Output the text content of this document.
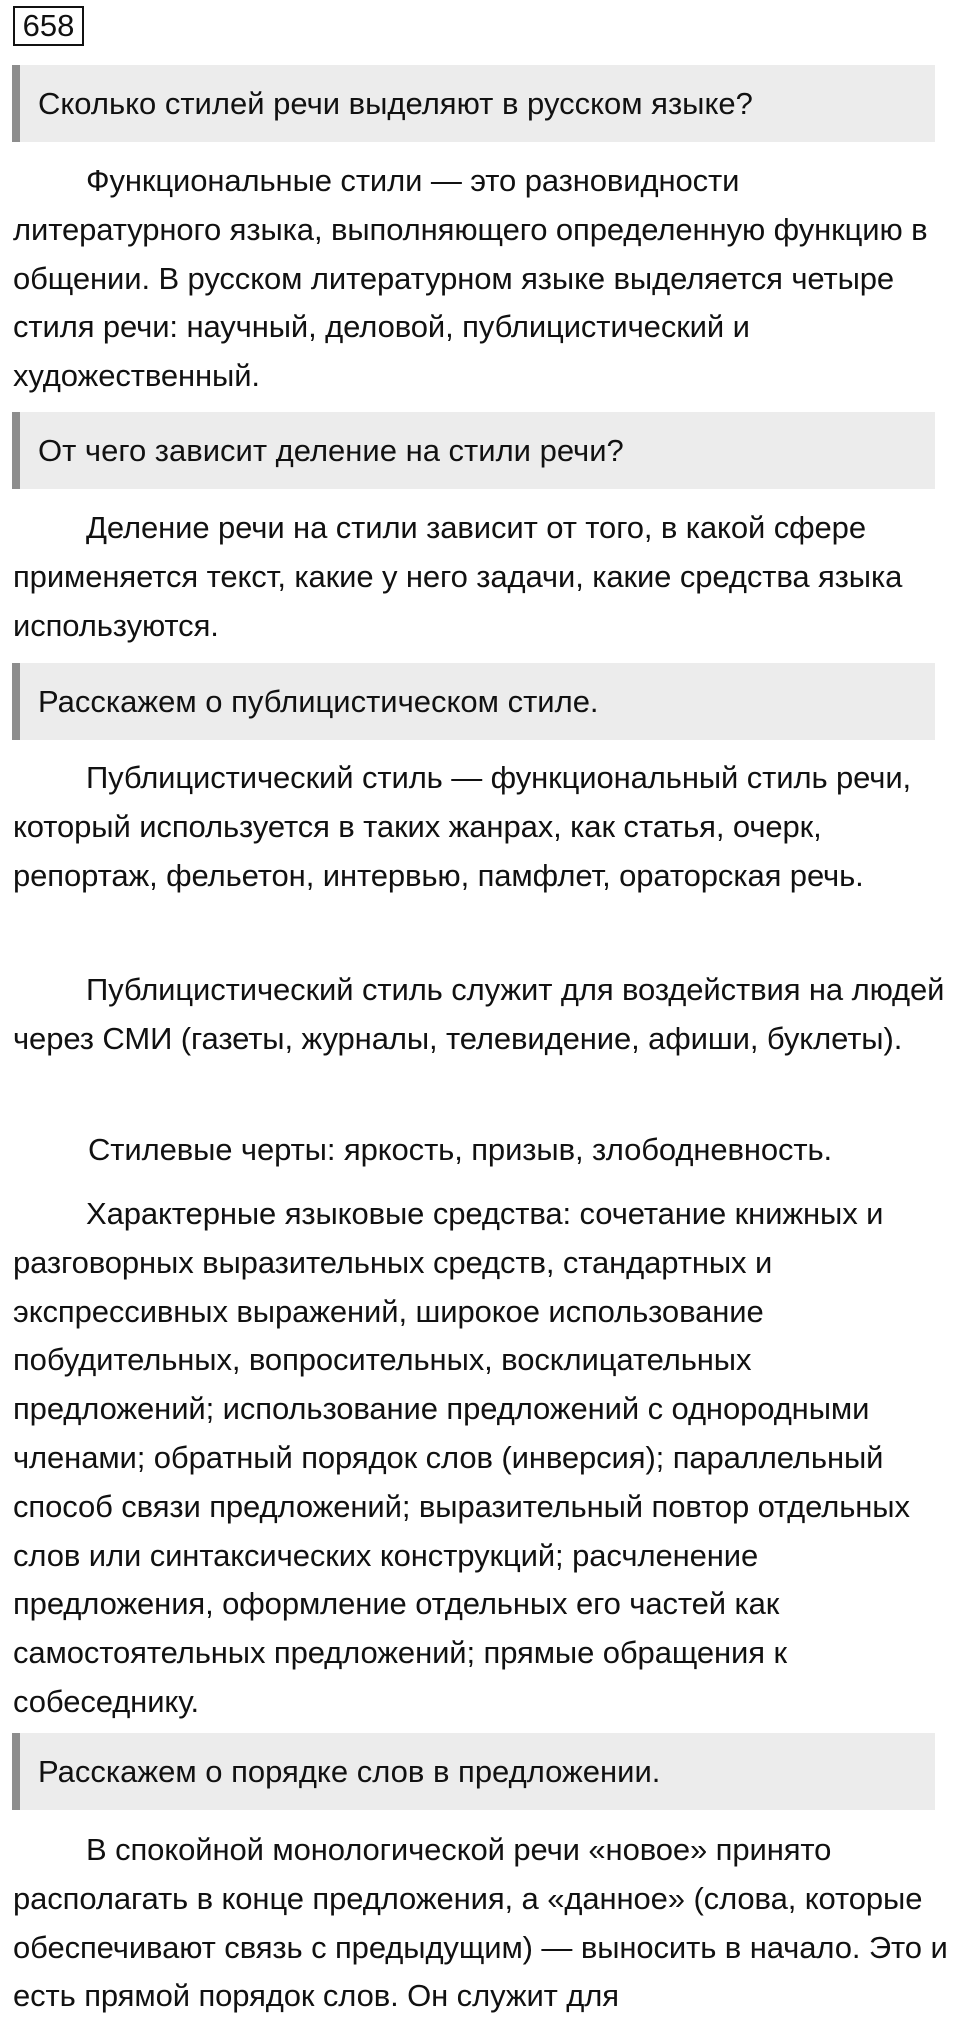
658
Сколько стилей речи выделяют в русском языке?

Функциональные стили — это разновидности литературного языка, выполняющего определенную функцию в общении. В русском литературном языке выделяется четыре стиля речи: научный, деловой, публицистический и художественный.

От чего зависит деление на стили речи?

Деление речи на стили зависит от того, в какой сфере применяется текст, какие у него задачи, какие средства языка используются.

Расскажем о публицистическом стиле.

Публицистический стиль — функциональный стиль речи, который используется в таких жанрах, как статья, очерк, репортаж, фельетон, интервью, памфлет, ораторская речь.

Публицистический стиль служит для воздействия на людей через СМИ (газеты, журналы, телевидение, афиши, буклеты).

Стилевые черты: яркость, призыв, злободневность.

Характерные языковые средства: сочетание книжных и разговорных выразительных средств, стандартных и экспрессивных выражений, широкое использование побудительных, вопросительных, восклицательных предложений; использование предложений с однородными членами; обратный порядок слов (инверсия); параллельный способ связи предложений; выразительный повтор отдельных слов или синтаксических конструкций; расчленение предложения, оформление отдельных его частей как самостоятельных предложений; прямые обращения к собеседнику.

Расскажем о порядке слов в предложении.

В спокойной монологической речи «новое» принято располагать в конце предложения, а «данное» (слова, которые обеспечивают связь с предыдущим) — выносить в начало. Это и есть прямой порядок слов. Он служит для
